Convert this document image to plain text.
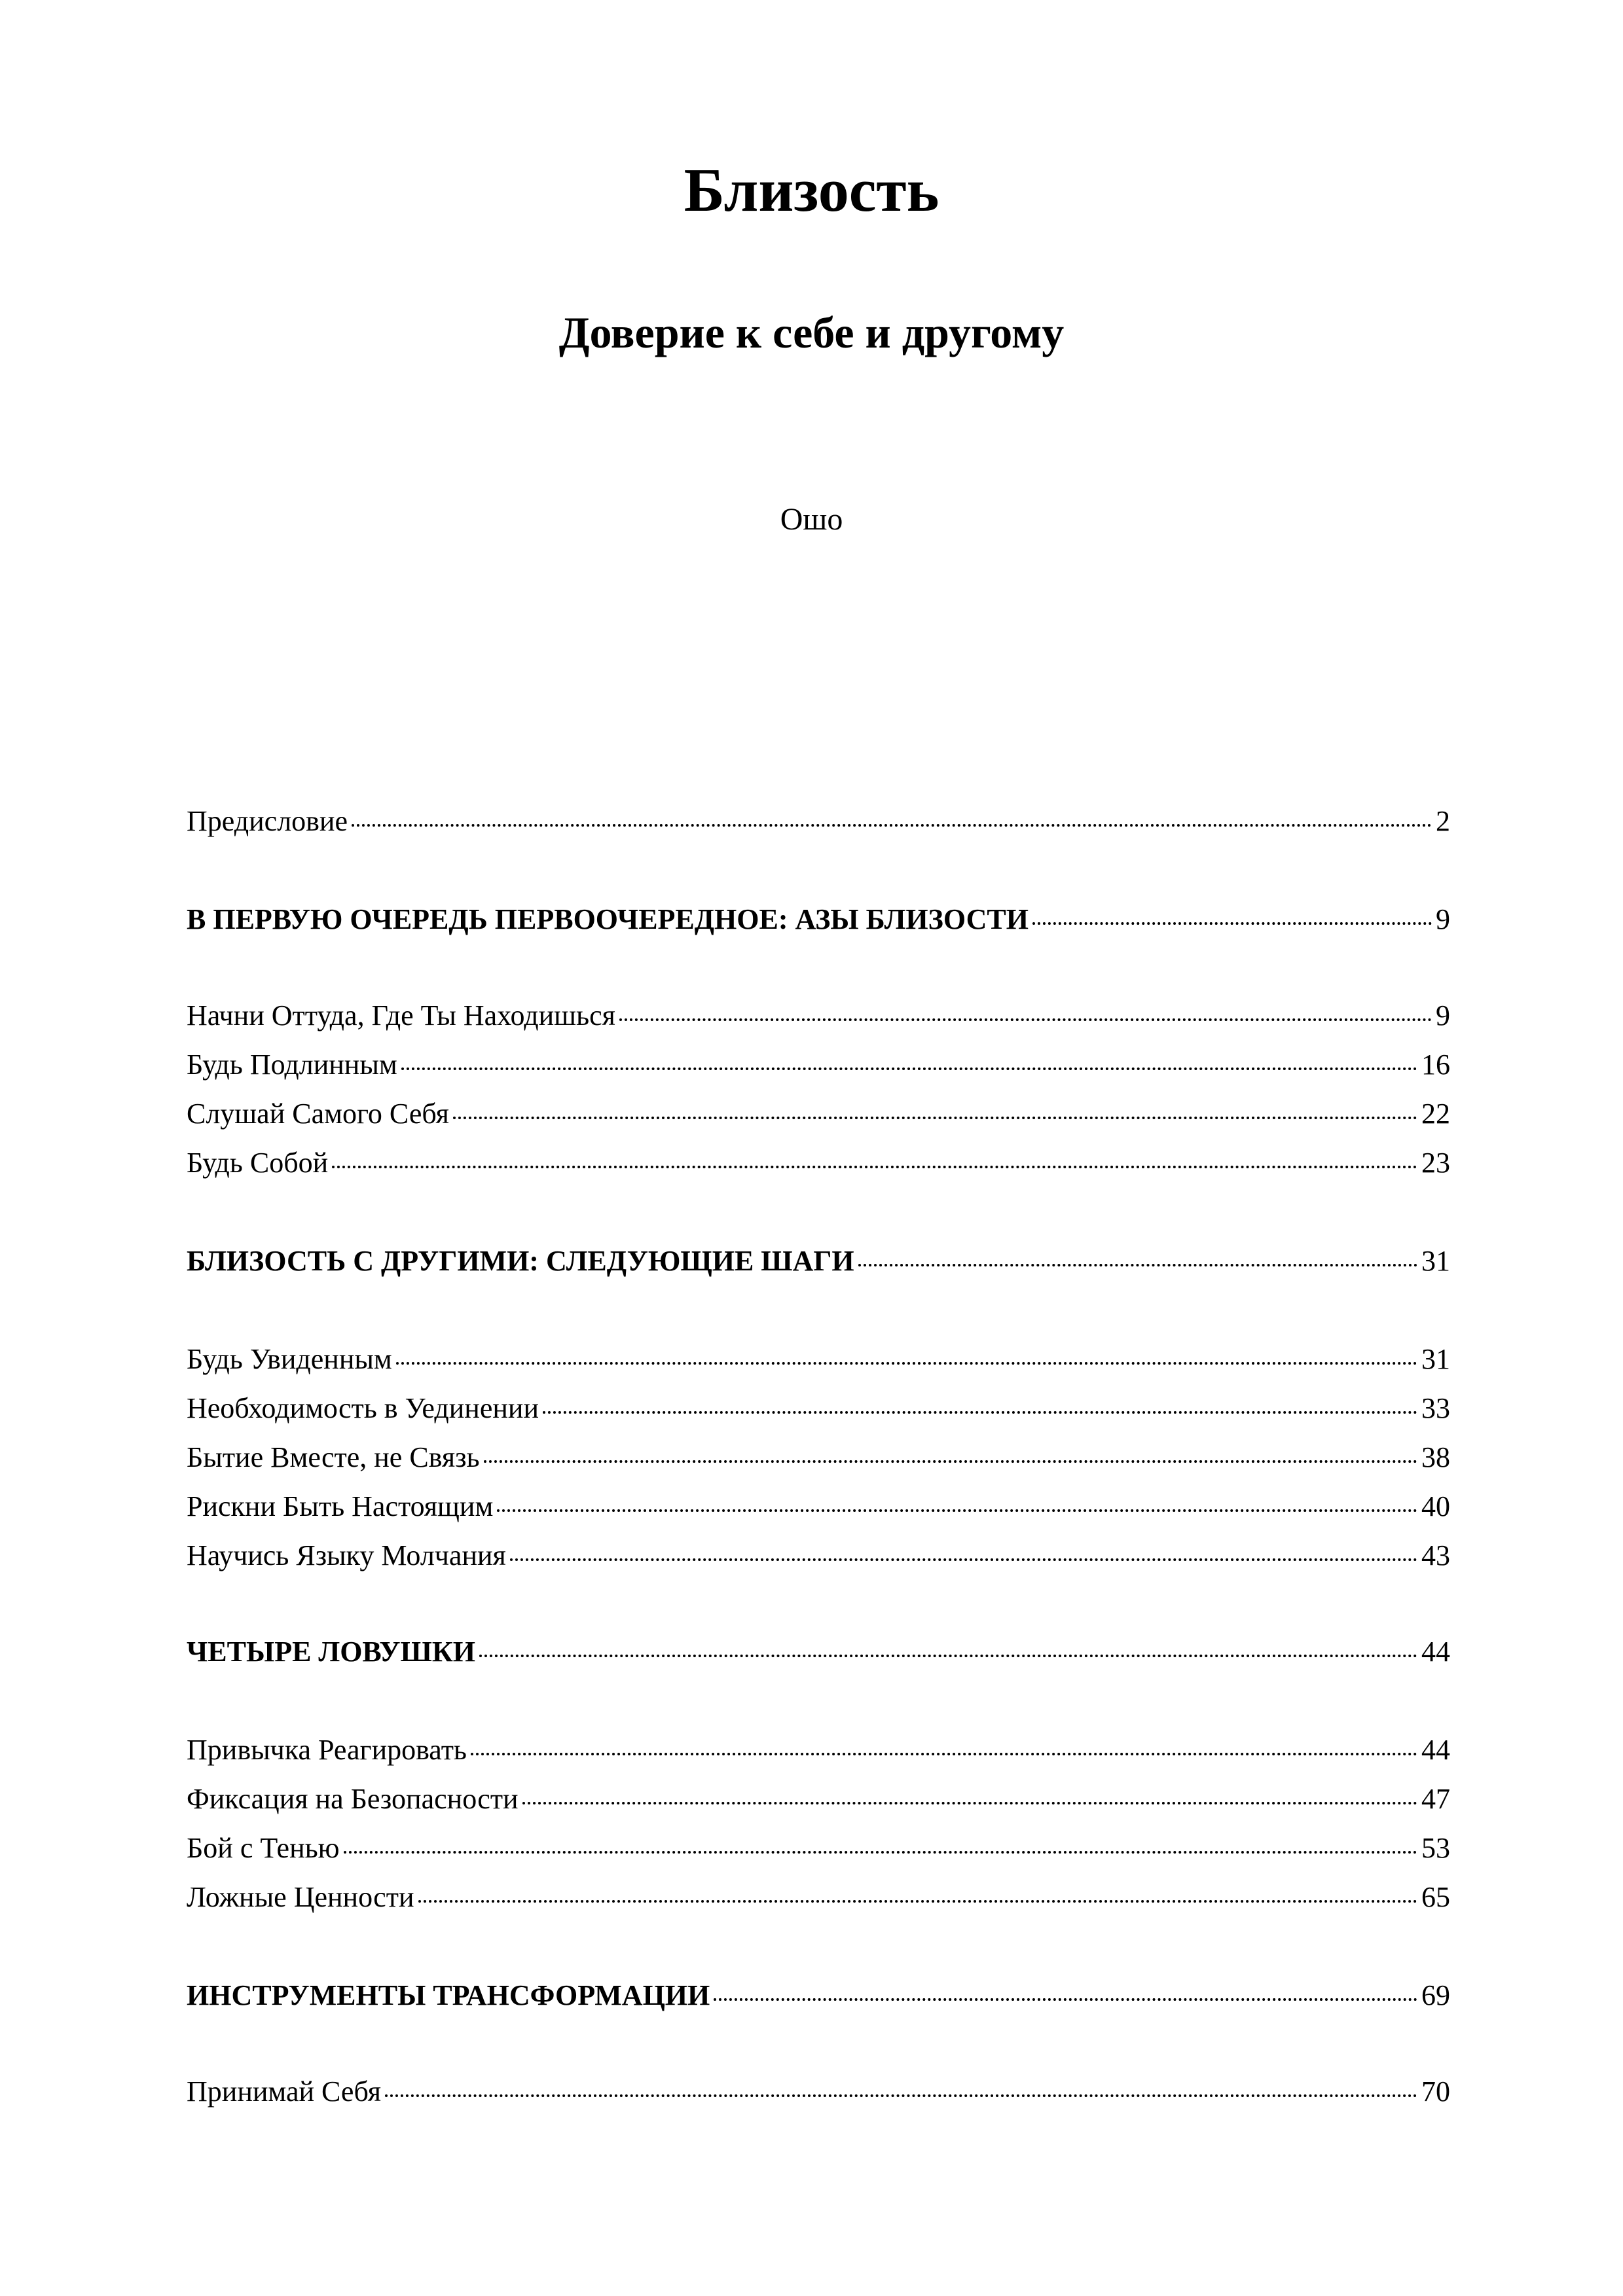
Близость
Доверие к себе и другому
Ошо
Предисловие	2
В ПЕРВУЮ ОЧЕРЕДЬ ПЕРВООЧЕРЕДНОЕ: АЗЫ БЛИЗОСТИ	9
Начни Оттуда, Где Ты Находишься	9
Будь Подлинным	16
Слушай Самого Себя	22
Будь Собой	23
БЛИЗОСТЬ С ДРУГИМИ: СЛЕДУЮЩИЕ ШАГИ	31
Будь Увиденным	31
Необходимость в Уединении	33
Бытие Вместе, не Связь	38
Рискни Быть Настоящим	40
Научись Языку Молчания	43
ЧЕТЫРЕ ЛОВУШКИ	44
Привычка Реагировать	44
Фиксация на Безопасности	47
Бой с Тенью	53
Ложные Ценности	65
ИНСТРУМЕНТЫ ТРАНСФОРМАЦИИ	69
Принимай Себя	70
